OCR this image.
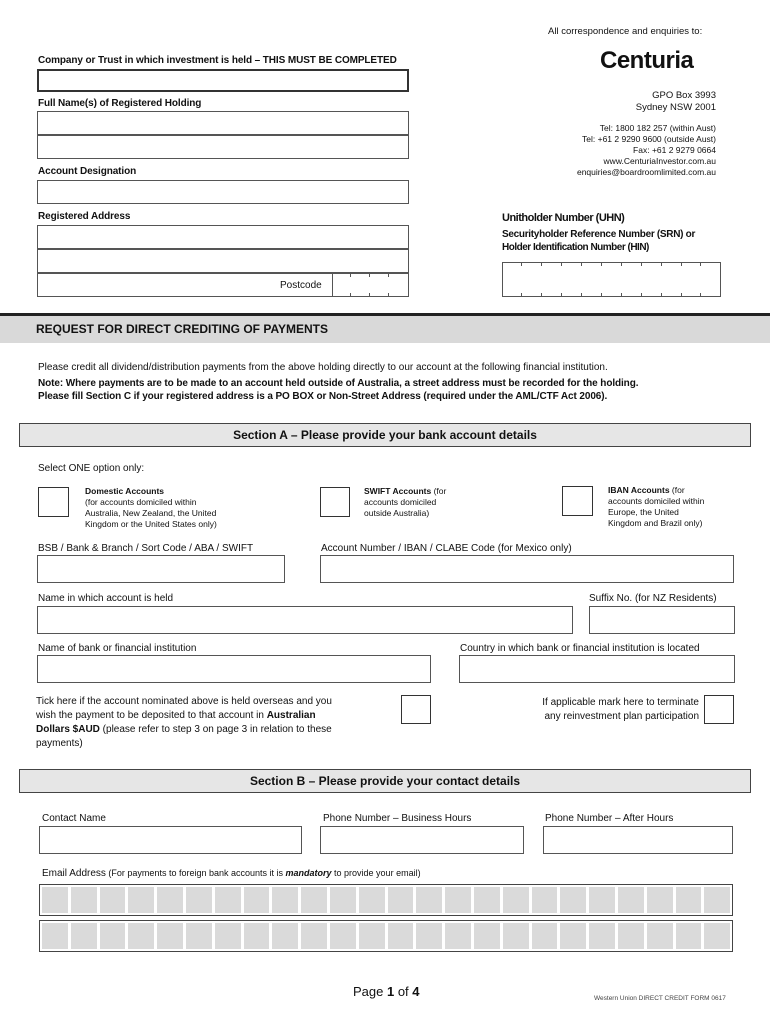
All correspondence and enquiries to:
Centuria
GPO Box 3993
Sydney NSW 2001
Tel: 1800 182 257 (within Aust)
Tel: +61 2 9290 9600 (outside Aust)
Fax: +61 2 9279 0664
www.CenturiaInvestor.com.au
enquiries@boardroomlimited.com.au
Company or Trust in which investment is held – THIS MUST BE COMPLETED
Full Name(s) of Registered Holding
Account Designation
Registered Address
Postcode
Unitholder Number (UHN)
Securityholder Reference Number (SRN) or
Holder Identification Number (HIN)
REQUEST FOR DIRECT CREDITING OF PAYMENTS
Please credit all dividend/distribution payments from the above holding directly to our account at the following financial institution.
Note: Where payments are to be made to an account held outside of Australia, a street address must be recorded for the holding.
Please fill Section C if your registered address is a PO BOX or Non-Street Address (required under the AML/CTF Act 2006).
Section A – Please provide your bank account details
Select ONE option only:
Domestic Accounts
(for accounts domiciled within
Australia, New Zealand, the United
Kingdom or the United States only)
SWIFT Accounts (for
accounts domiciled
outside Australia)
IBAN Accounts (for
accounts domiciled within
Europe, the United
Kingdom and Brazil only)
BSB / Bank & Branch / Sort Code / ABA / SWIFT	Account Number / IBAN / CLABE Code (for Mexico only)
Name in which account is held	Suffix No. (for NZ Residents)
Name of bank or financial institution	Country in which bank or financial institution is located
Tick here if the account nominated above is held overseas and you
wish the payment to be deposited to that account in Australian
Dollars $AUD (please refer to step 3 on page 3 in relation to these
payments)
If applicable mark here to terminate
any reinvestment plan participation
Section B – Please provide your contact details
Contact Name	Phone Number – Business Hours	Phone Number – After Hours
Email Address (For payments to foreign bank accounts it is mandatory to provide your email)
Page 1 of 4	Western Union DIRECT CREDIT FORM 0617
